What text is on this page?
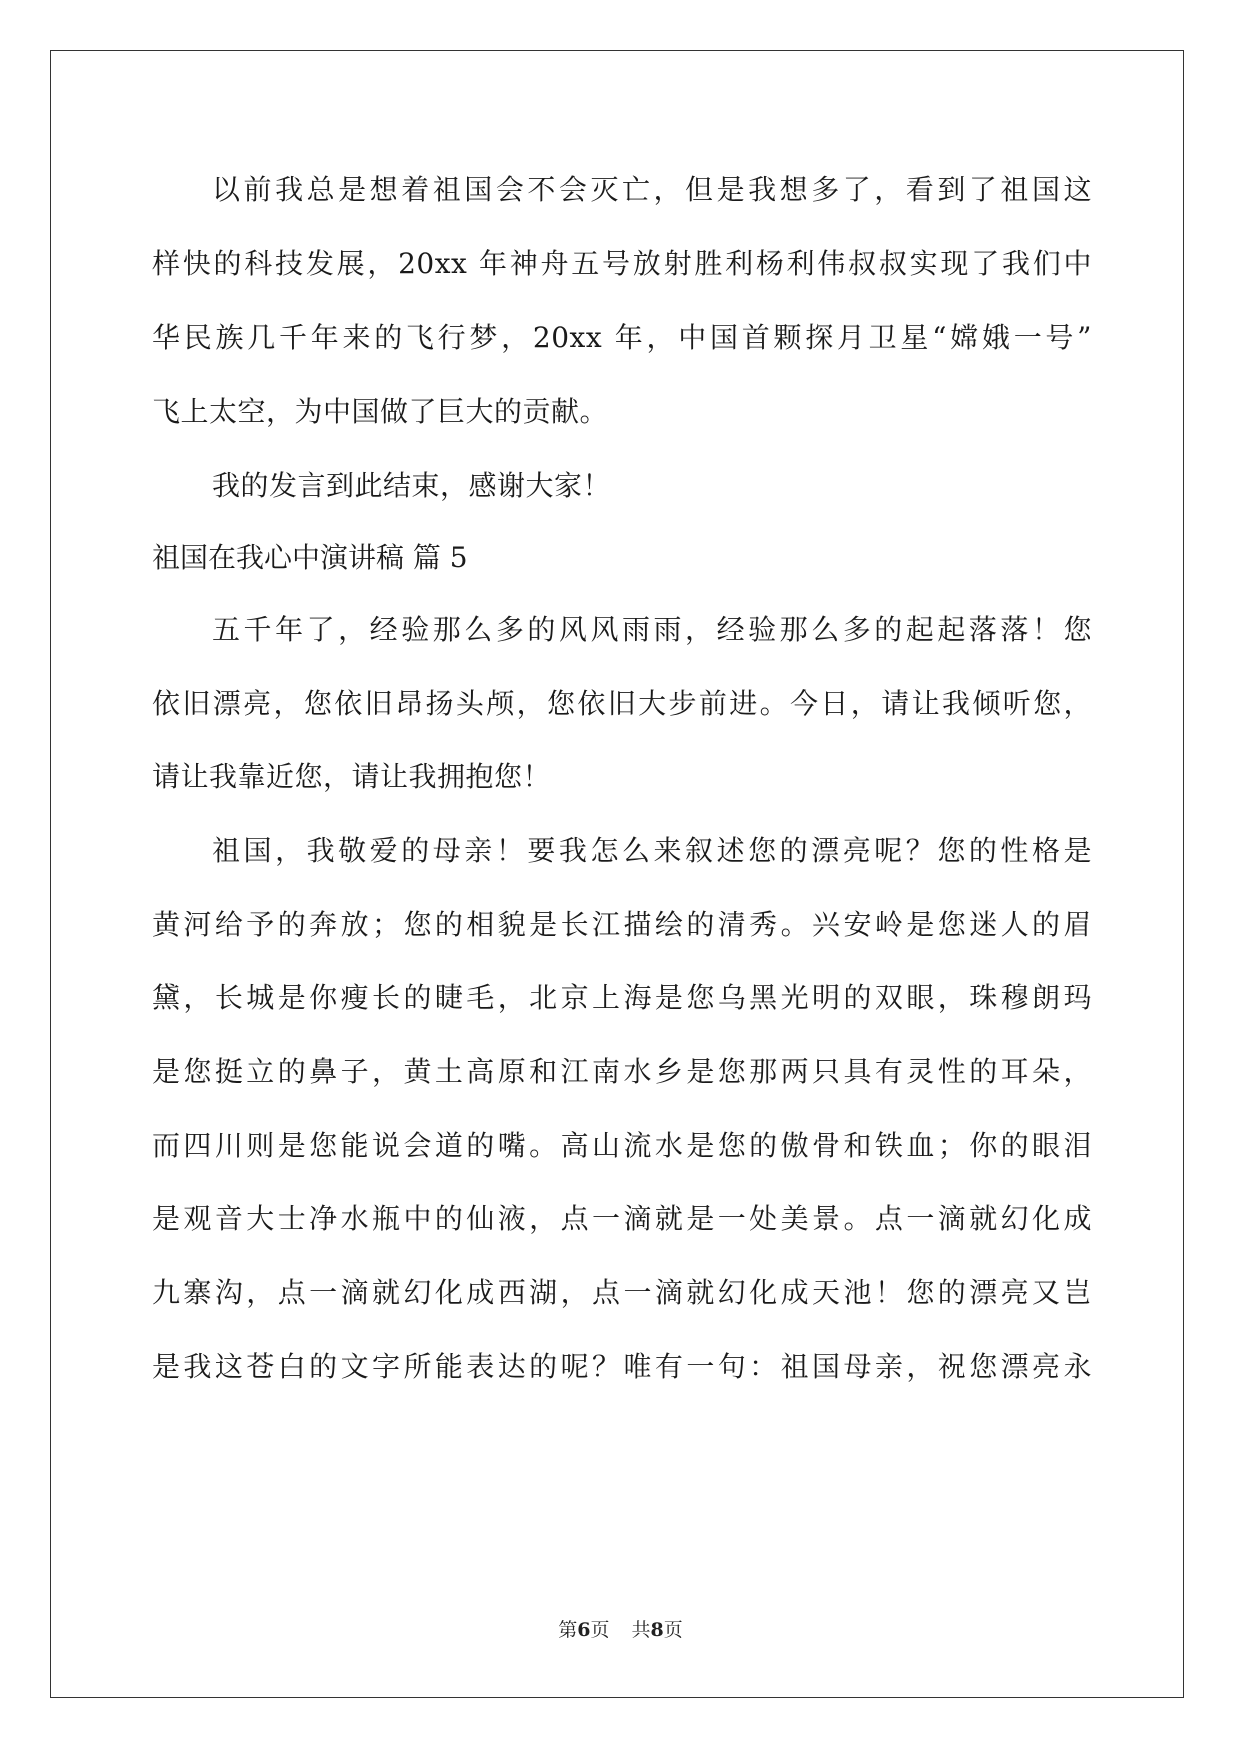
以前我总是想着祖国会不会灭亡，但是我想多了，看到了祖国这
样快的科技发展，20xx 年神舟五号放射胜利杨利伟叔叔实现了我们中
华民族几千年来的飞行梦，20xx 年，中国首颗探月卫星“嫦娥一号”
飞上太空，为中国做了巨大的贡献。
我的发言到此结束，感谢大家！
祖国在我心中演讲稿 篇 5
五千年了，经验那么多的风风雨雨，经验那么多的起起落落！您
依旧漂亮，您依旧昂扬头颅，您依旧大步前进。今日，请让我倾听您，
请让我靠近您，请让我拥抱您！
祖国，我敬爱的母亲！要我怎么来叙述您的漂亮呢？您的性格是
黄河给予的奔放；您的相貌是长江描绘的清秀。兴安岭是您迷人的眉
黛，长城是你瘦长的睫毛，北京上海是您乌黑光明的双眼，珠穆朗玛
是您挺立的鼻子，黄土高原和江南水乡是您那两只具有灵性的耳朵，
而四川则是您能说会道的嘴。高山流水是您的傲骨和铁血；你的眼泪
是观音大士净水瓶中的仙液，点一滴就是一处美景。点一滴就幻化成
九寨沟，点一滴就幻化成西湖，点一滴就幻化成天池！您的漂亮又岂
是我这苍白的文字所能表达的呢？唯有一句：祖国母亲，祝您漂亮永
第6页 共8页
